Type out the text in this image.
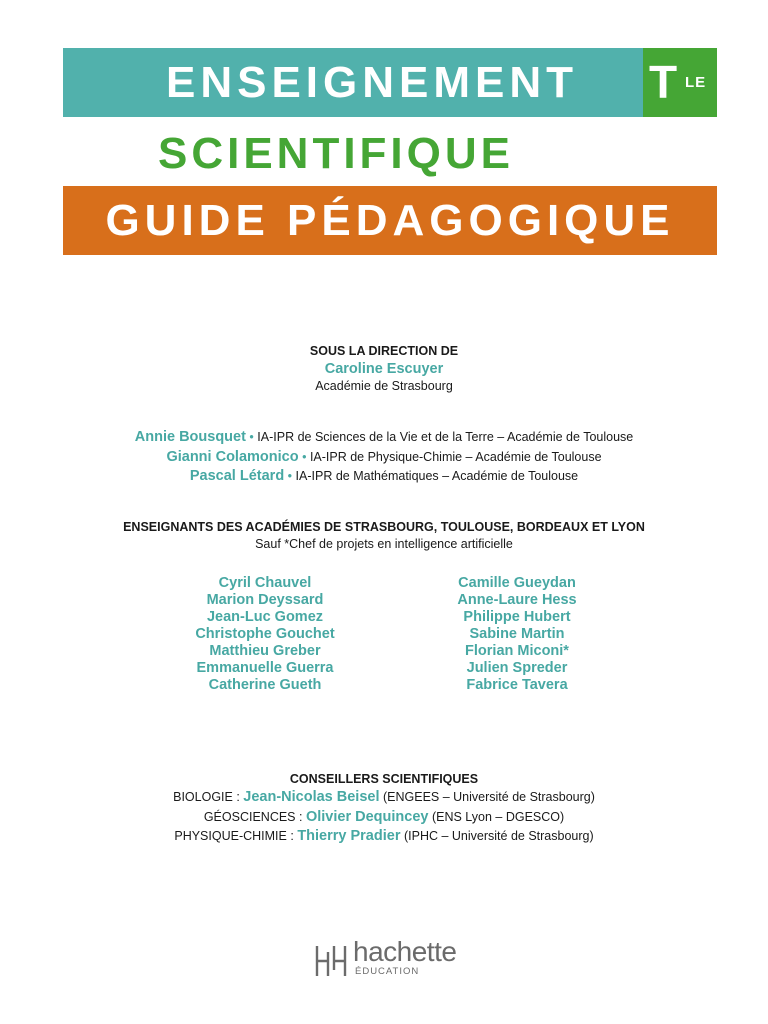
ENSEIGNEMENT	T LE
SCIENTIFIQUE
GUIDE PÉDAGOGIQUE
SOUS LA DIRECTION DE
Caroline Escuyer
Académie de Strasbourg
Annie Bousquet • IA-IPR de Sciences de la Vie et de la Terre – Académie de Toulouse
Gianni Colamonico • IA-IPR de Physique-Chimie – Académie de Toulouse
Pascal Létard • IA-IPR de Mathématiques – Académie de Toulouse
ENSEIGNANTS DES ACADÉMIES DE STRASBOURG, TOULOUSE, BORDEAUX ET LYON
Sauf *Chef de projets en intelligence artificielle
Cyril Chauvel
Marion Deyssard
Jean-Luc Gomez
Christophe Gouchet
Matthieu Greber
Emmanuelle Guerra
Catherine Gueth
Camille Gueydan
Anne-Laure Hess
Philippe Hubert
Sabine Martin
Florian Miconi*
Julien Spreder
Fabrice Tavera
CONSEILLERS SCIENTIFIQUES
BIOLOGIE : Jean-Nicolas Beisel (ENGEES – Université de Strasbourg)
GÉOSCIENCES : Olivier Dequincey (ENS Lyon – DGESCO)
PHYSIQUE-CHIMIE : Thierry Pradier (IPHC – Université de Strasbourg)
hachette
ÉDUCATION
